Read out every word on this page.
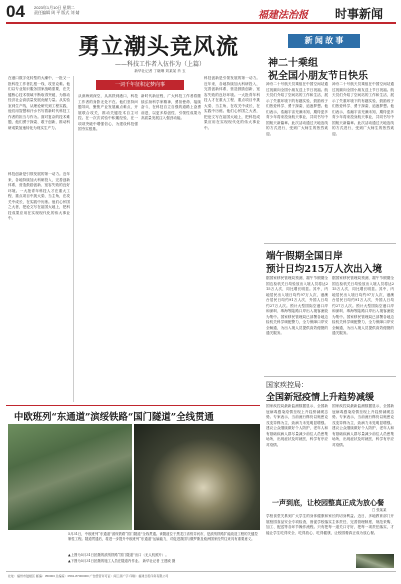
04 2023年1月10日 星期二
责任编辑 周 平 版式 刘 婧	福建法治报 时事新闻
勇立潮头竞风流
——科技工作者入伍作为（上篇）
新华社记者 丁晓琳 刘某某 肖 玉
在港口数字化转型的大潮中，一批又一批科技工作者扎根一线、攻坚克难。他们以专业知识服务国家战略需要，在关键核心技术领域不断取得突破，为推动经济社会高质量发展贡献力量。从实验室到生产线，从理论研究到工程实践，他们用智慧和汗水书写着新时代科技工作者的担当与作为。面对复杂的技术难题，他们勇于探索、敢于创新，推动科研成果加速转化为现实生产力。
科技创新是引领发展的第一动力。近年来，各地持续加大科研投入，完善创新体系，营造鼓励创新、宽容失败的良好环境。一大批青年科技人才在重大工程、重点项目中挑大梁、当主角，在攻关中成长，在实践中历练。他们心怀国之大者，把论文写在祖国大地上，把科技成果应用在实现现代化的伟大事业中。
一词千年征积定梦向事
从深海到深空，从高铁到港口，科技工作者的身影无处不在。他们坚持问题导向，聚焦产业发展痛点难点，开展联合攻关，推动关键技术自主可控。在一次次试验中积累经验，在一项项突破中增强信心，为建设科技强国夯实根基。
新时代新征程，广大科技工作者将继续弘扬科学家精神，勇担使命、接续奋斗，在科技自立自强的道路上奋勇前进，以更多原创性、引领性成果为高质量发展注入强劲动能。
科技创新是引领发展的第一动力。近年来，各地持续加大科研投入，完善创新体系，营造鼓励创新、宽容失败的良好环境。一大批青年科技人才在重大工程、重点项目中挑大梁、当主角，在攻关中成长，在实践中历练。他们心怀国之大者，把论文写在祖国大地上，把科技成果应用在实现现代化的伟大事业中。
新 闻 故 事
神二十乘组
祝全国小朋友节日快乐
神舟二十号航天员乘组在中国空间站通过视频向全国小朋友送上节日祝福。航天员们介绍了空间站的工作和生活，展示了失重环境下的有趣实验，鼓励孩子们热爱科学、勇于探索、追逐梦想。他们表示，浩瀚宇宙充满未知，期待更多青少年将来投身航天事业，共同书写中国航天新篇章。此次活动通过天地连线的方式进行，受到广大师生的热烈欢迎。
神舟二十号航天员乘组在中国空间站通过视频向全国小朋友送上节日祝福。航天员们介绍了空间站的工作和生活，展示了失重环境下的有趣实验，鼓励孩子们热爱科学、勇于探索、追逐梦想。他们表示，浩瀚宇宙充满未知，期待更多青少年将来投身航天事业，共同书写中国航天新篇章。此次活动通过天地连线的方式进行，受到广大师生的热烈欢迎。
端午假期全国日岸
预计日均215万人次出入境
据国家移民管理局预测，端午节假期全国边检机关日均验放出入境人员将达215万人次，同比增长明显。其中，内地居民出入境日均约97万人次，港澳台居民日均约91万人次，外国人日均约27万人次。预计大型国际空港口岸和深圳、珠海等陆路口岸出入境客流较为集中。国家移民管理局已部署各地边检机关科学调配警力，全力保障口岸安全畅通，为出入境人员提供高效便捷的通关服务。
据国家移民管理局预测，端午节假期全国边检机关日均验放出入境人员将达215万人次，同比增长明显。其中，内地居民出入境日均约97万人次，港澳台居民日均约91万人次，外国人日均约27万人次。预计大型国际空港口岸和深圳、珠海等陆路口岸出入境客流较为集中。国家移民管理局已部署各地边检机关科学调配警力，全力保障口岸安全畅通，为出入境人员提供高效便捷的通关服务。
国家疾控局：
全国新冠疫情上升趋势减缓
国家疾控局最新监测数据显示，全国新冠病毒感染疫情呈现上升趋势减缓态势。专家表示，当前流行株仍以奥密克戎变异株为主，致病力未见明显增强。建议公众继续做好个人防护，老年人和有基础疾病人群尽量减少前往人员密集场所，出现症状及时就医，科学有序应对疫情。
国家疾控局最新监测数据显示，全国新冠病毒感染疫情呈现上升趋势减缓态势。专家表示，当前流行株仍以奥密克戎变异株为主，致病力未见明显增强。建议公众继续做好个人防护，老年人和有基础疾病人群尽量减少前往人员密集场所，出现症状及时就医，科学有序应对疫情。
中欧班列“东通道”滨绥铁路“国门隧道”全线贯通
5月31日，中欧班列“东通道”滨绥铁路“国门隧道”全线贯通。该隧道位于黑龙江省绥芬河市，是滨绥铁路扩能改造工程的关键控制性工程。隧道贯通后，将进一步提升中欧班列“东通道”运输能力，对促进我国与俄罗斯及欧洲国家经贸往来具有重要意义。
▲上图为5月31日拍摄的滨绥铁路“国门隧道”出口（无人机照片）。
▲下图为5月31日拍摄的施工人员在隧道内作业。 新华社记者 王建威 摄
一声到底，让校园整真正成为放心餐
□ 张某某
学校食堂关系到广大学生的身体健康和家长的切身利益。近日，多地教育部门开展校园食品安全专项检查，督促学校落实主体责任，完善管理制度，规范采购、加工、配送等各环节操作流程。只有把每一道关口守好，把每一项责任落实，才能让学生吃得安全、吃得放心、吃得健康，让校园餐真正成为放心餐。
社址：福州市鼓楼区 邮编：350003 总编室：0591-87000000 广告经营许可证：闽工商广字 印刷：福建日报印务有限公司
